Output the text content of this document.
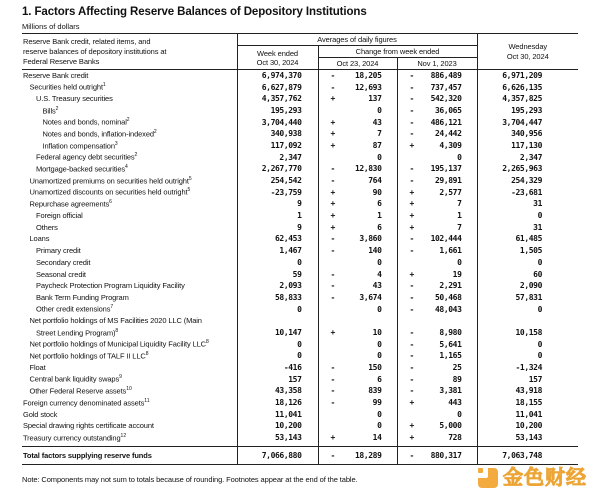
1. Factors Affecting Reserve Balances of Depository Institutions
Millions of dollars
Reserve Bank credit, related items, and
reserve balances of depository institutions at
Federal Reserve Banks
	Averages of daily figures	
Wednesday
Oct 30, 2024

	Week ended	Change from week ended		
	Oct 30, 2024	Oct 23, 2024	Nov 1, 2023	
Reserve Bank credit	6,974,370	- 18,205	- 886,489	6,971,209
Securities held outright$^1$	6,627,879	- 12,693	- 737,457	6,626,135
U.S. Treasury securities	4,357,762	+ 137	- 542,320	4,357,825
Bills$^2$	195,293	0	- 36,065	195,293
Notes and bonds, nominal$^2$	3,704,440	+ 43	- 486,121	3,704,447
Notes and bonds, inflation-indexed$^2$	340,938	+ 7	- 24,442	340,956
Inflation compensation$^3$	117,092	+ 87	+ 4,309	117,130
Federal agency debt securities$^2$	2,347	0	0	2,347
Mortgage-backed securities$^4$	2,267,770	- 12,830	- 195,137	2,265,963
Unamortized premiums on securities held outright$^5$	254,542	- 764	- 29,891	254,329
Unamortized discounts on securities held outright$^5$	-23,759	+ 90	+ 2,577	-23,681
Repurchase agreements$^6$	9	+ 6	+ 7	31
Foreign official	1	+ 1	+ 1	0
Others	9	+ 6	+ 7	31
Loans	62,453	- 3,860	- 102,444	61,485
Primary credit	1,467	- 140	- 1,661	1,505
Secondary credit	0	0	0	0
Seasonal credit	59	- 4	+ 19	60
Paycheck Protection Program Liquidity Facility	2,093	- 43	- 2,291	2,090
Bank Term Funding Program	58,833	- 3,674	- 50,468	57,831
Other credit extensions$^7$	0	0	- 48,043	0
Net portfolio holdings of MS Facilities 2020 LLC (Main		

Street Lending Program)$^8$	10,147	+ 10	- 8,980	10,158
Net portfolio holdings of Municipal Liquidity Facility LLC$^8$	0	0	- 5,641	0
Net portfolio holdings of TALF II LLC$^8$	0	0	- 1,165	0
Float	-416	- 150	- 25	-1,324
Central bank liquidity swaps$^9$	157	- 6	- 89	157
Other Federal Reserve assets$^{10}$	43,358	- 839	- 3,381	43,918
Foreign currency denominated assets$^{11}$	18,126	- 99	+ 443	18,155
Gold stock	11,041	0	0	11,041
Special drawing rights certificate account	10,200	0	+ 5,000	10,200
Treasury currency outstanding$^{12}$	53,143	+ 14	+ 728	53,143

Total factors supplying reserve funds	7,066,880	- 18,289	- 880,317	7,063,748
Note: Components may not sum to totals because of rounding. Footnotes appear at the end of the table.	金色财经
